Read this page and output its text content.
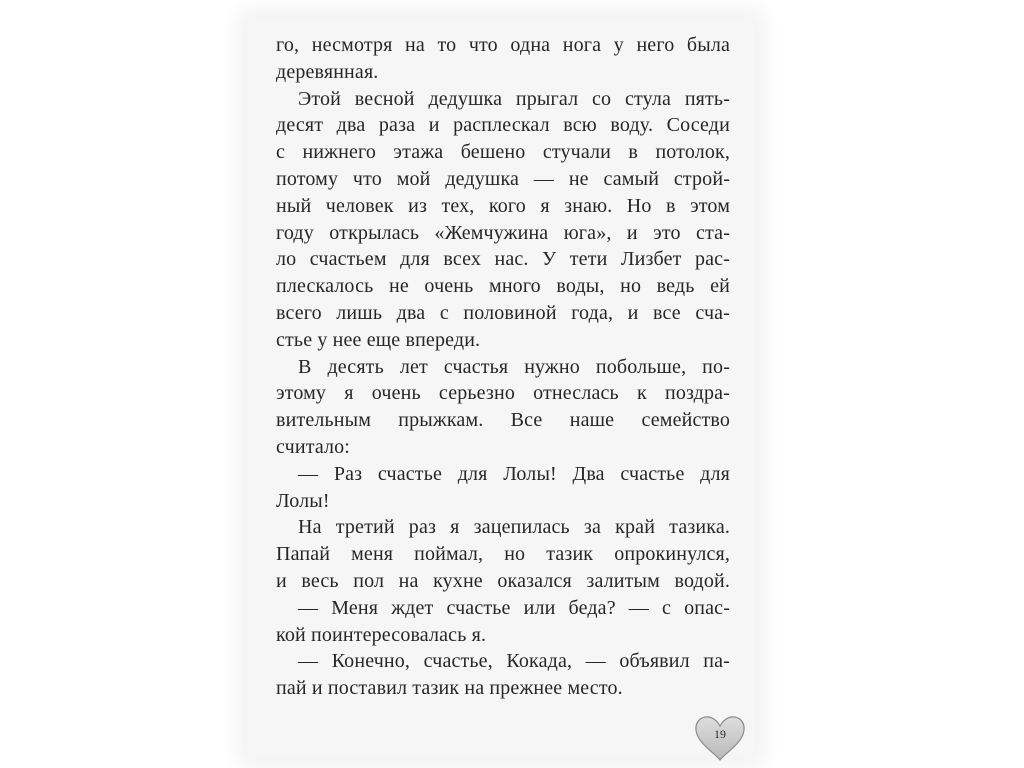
го, несмотря на то что одна нога у него была
деревянная.
Этой весной дедушка прыгал со стула пять-
десят два раза и расплескал всю воду. Соседи
с нижнего этажа бешено стучали в потолок,
потому что мой дедушка — не самый строй-
ный человек из тех, кого я знаю. Но в этом
году открылась «Жемчужина юга», и это ста-
ло счастьем для всех нас. У тети Лизбет рас-
плескалось не очень много воды, но ведь ей
всего лишь два с половиной года, и все сча-
стье у нее еще впереди.
В десять лет счастья нужно побольше, по-
этому я очень серьезно отнеслась к поздра-
вительным прыжкам. Все наше семейство
считало:
— Раз счастье для Лолы! Два счастье для
Лолы!
На третий раз я зацепилась за край тазика.
Папай меня поймал, но тазик опрокинулся,
и весь пол на кухне оказался залитым водой.
— Меня ждет счастье или беда? — с опас-
кой поинтересовалась я.
— Конечно, счастье, Кокада, — объявил па-
пай и поставил тазик на прежнее место.
19
